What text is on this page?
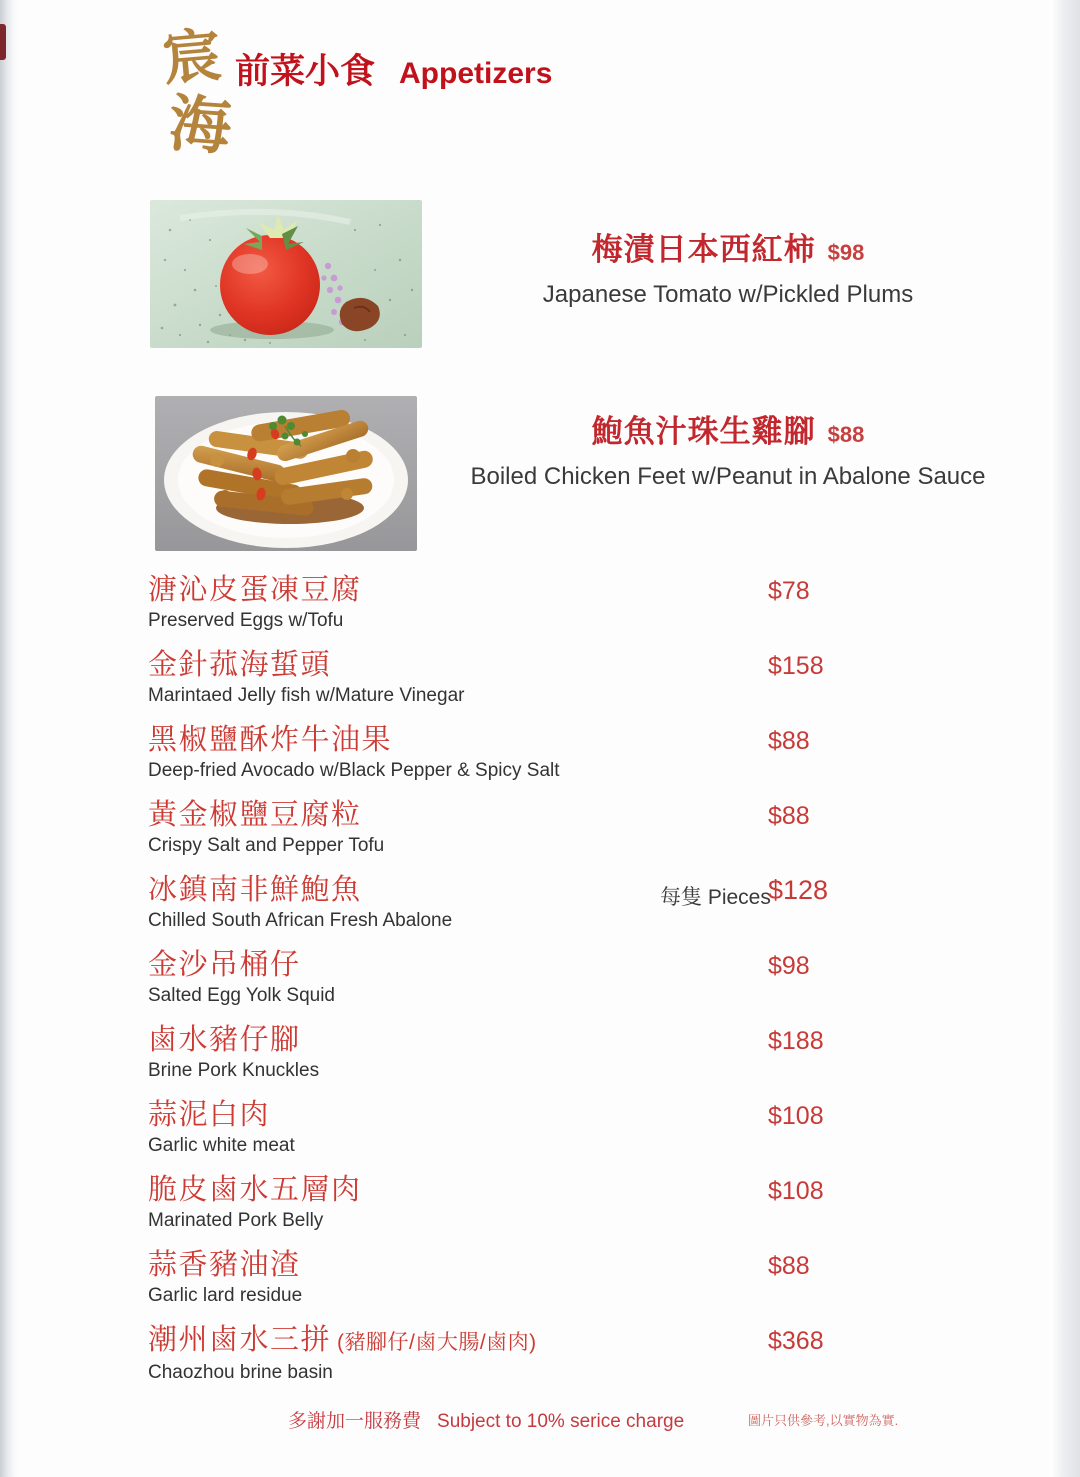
宸
海
前菜小食 Appetizers
梅漬日本西紅柿 $98
Japanese Tomato w/Pickled Plums
鮑魚汁珠生雞腳 $88
Boiled Chicken Feet w/Peanut in Abalone Sauce
溏沁皮蛋凍豆腐
Preserved Eggs w/Tofu
$78
金針菰海蜇頭
Marintaed Jelly fish w/Mature Vinegar
$158
黑椒鹽酥炸牛油果
Deep-fried Avocado w/Black Pepper & Spicy Salt
$88
黃金椒鹽豆腐粒
Crispy Salt and Pepper Tofu
$88
冰鎮南非鮮鮑魚
Chilled South African Fresh Abalone
每隻 Pieces
$128
金沙吊桶仔
Salted Egg Yolk Squid
$98
鹵水豬仔腳
Brine Pork Knuckles
$188
蒜泥白肉
Garlic white meat
$108
脆皮鹵水五層肉
Marinated Pork Belly
$108
蒜香豬油渣
Garlic lard residue
$88
潮州鹵水三拼 (豬腳仔/鹵大腸/鹵肉)
Chaozhou brine basin
$368
多謝加一服務費 Subject to 10% serice charge	圖片只供參考,以實物為實.
